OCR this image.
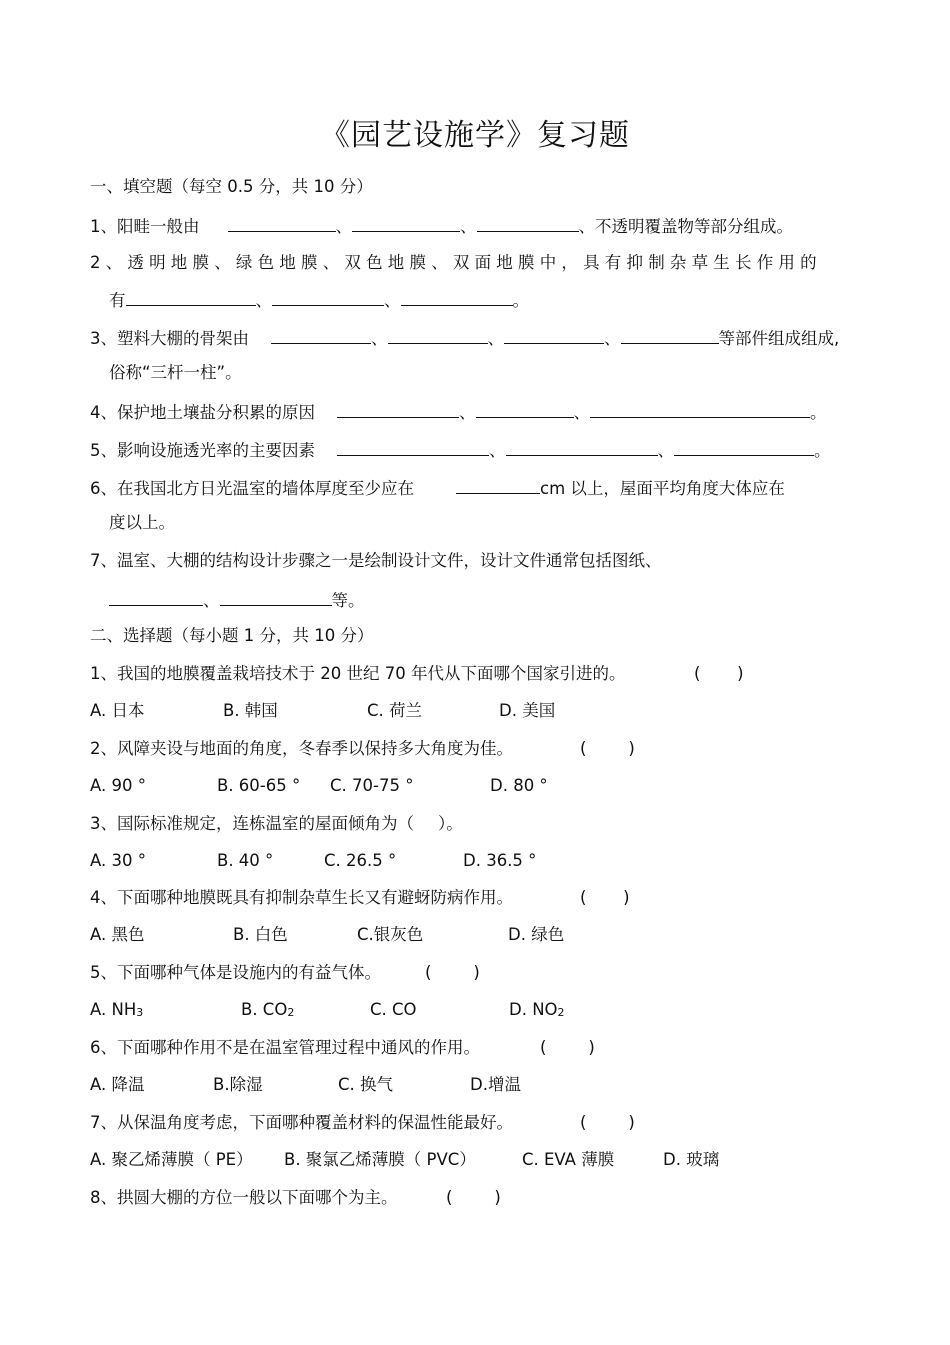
《园艺设施学》复习题
一、填空题（每空 0.5 分，共 10 分）
1、阳畦一般由	、	、	、不透明覆盖物等部分组成。
2、透明地膜、绿色地膜、双色地膜、双面地膜中，具有抑制杂草生长作用的
有	、	、	。
3、塑料大棚的骨架由	、	、	、	等部件组成组成,
俗称“三杆一柱”。
4、保护地土壤盐分积累的原因	、	、	。
5、影响设施透光率的主要因素	、	、	。
6、在我国北方日光温室的墙体厚度至少应在	cm 以上，屋面平均角度大体应在
度以上。
7、温室、大棚的结构设计步骤之一是绘制设计文件，设计文件通常包括图纸、
、	等。
二、选择题（每小题 1 分，共 10 分）
1、我国的地膜覆盖栽培技术于 20 世纪 70 年代从下面哪个国家引进的。	(       )
A. 日本	B. 韩国	C. 荷兰	D. 美国
2、风障夹设与地面的角度，冬春季以保持多大角度为佳。	(        )
A. 90 °	B. 60-65 ° C. 70-75 °	D. 80 °
3、国际标准规定，连栋温室的屋面倾角为（ ）。
A. 30 °	B. 40 °	C. 26.5 °	D. 36.5 °
4、下面哪种地膜既具有抑制杂草生长又有避蚜防病作用。	(       )
A. 黑色	B. 白色	C.银灰色	D. 绿色
5、下面哪种气体是设施内的有益气体。	(        )
A. $NH_3$	B. $CO_2$	C. CO	D. $NO_2$
6、下面哪种作用不是在温室管理过程中通风的作用。	(        )
A. 降温	B.除湿	C. 换气	D.增温
7、从保温角度考虑，下面哪种覆盖材料的保温性能最好。	(        )
A. 聚乙烯薄膜（ PE） B. 聚氯乙烯薄膜（ PVC）	C. EVA 薄膜	D. 玻璃
8、拱圆大棚的方位一般以下面哪个为主。	(        )
